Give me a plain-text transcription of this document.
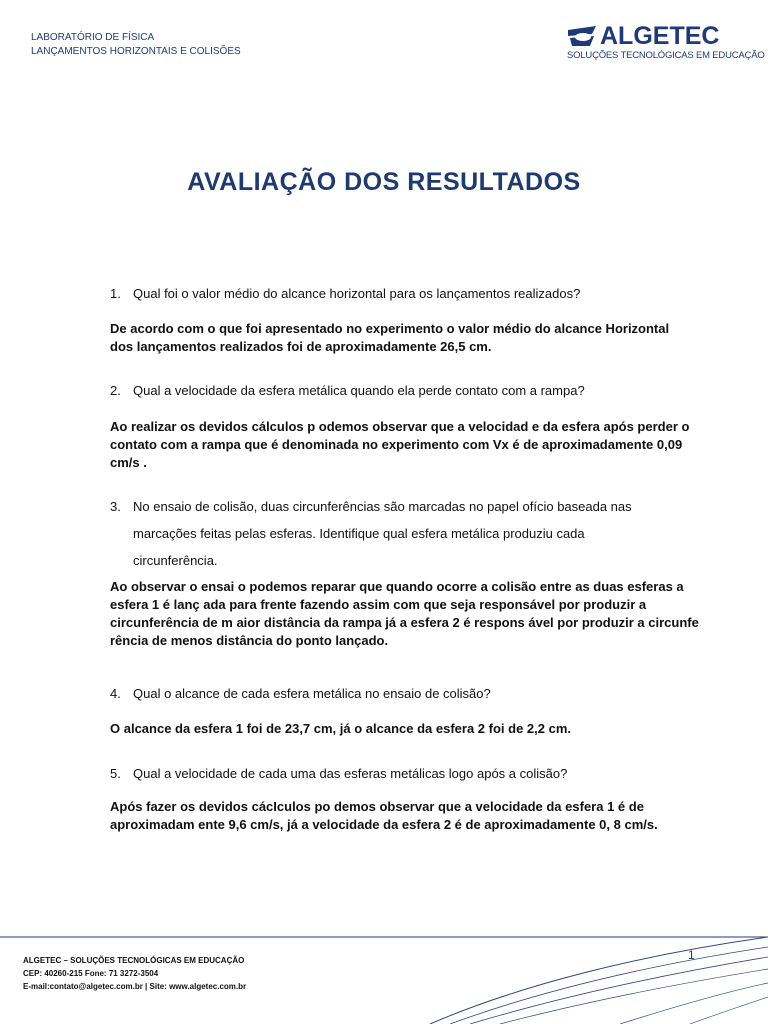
LABORATÓRIO DE FÍSICA
LANÇAMENTOS HORIZONTAIS E COLISÕES
ALGETEC
SOLUÇÕES TECNOLÓGICAS EM EDUCAÇÃO
AVALIAÇÃO DOS RESULTADOS
1. Qual foi o valor médio do alcance horizontal para os lançamentos realizados?
De acordo com o que foi apresentado no experimento o valor médio do alcance Horizontal
dos lançamentos realizados foi de aproximadamente 26,5 cm.
2. Qual a velocidade da esfera metálica quando ela perde contato com a rampa?
Ao realizar os devidos cálculos p odemos observar que a velocidad e da esfera após perder o
contato com a rampa que é denominada no experimento com Vx é de aproximadamente 0,09
cm/s .
3. No ensaio de colisão, duas circunferências são marcadas no papel ofício baseada nas
marcações feitas pelas esferas. Identifique qual esfera metálica produziu cada
circunferência.
Ao observar o ensai o podemos reparar que quando ocorre a colisão entre as duas esferas a
esfera 1 é lanç ada para frente fazendo assim com que seja responsável por produzir a
circunferência de m aior distância da rampa já a esfera 2 é respons ável por produzir a circunfe
rência de menos distância do ponto lançado.
4. Qual o alcance de cada esfera metálica no ensaio de colisão?
O alcance da esfera 1 foi de 23,7 cm, já o alcance da esfera 2 foi de 2,2 cm.
5. Qual a velocidade de cada uma das esferas metálicas logo após a colisão?
Após fazer os devidos cácIculos po demos observar que a velocidade da esfera 1 é de
aproximadam ente 9,6 cm/s, já a velocidade da esfera 2 é de aproximadamente 0, 8 cm/s.
ALGETEC – SOLUÇÕES TECNOLÓGICAS EM EDUCAÇÃO
CEP: 40260-215 Fone: 71 3272-3504
E-mail:contato@algetec.com.br | Site: www.algetec.com.br
1
